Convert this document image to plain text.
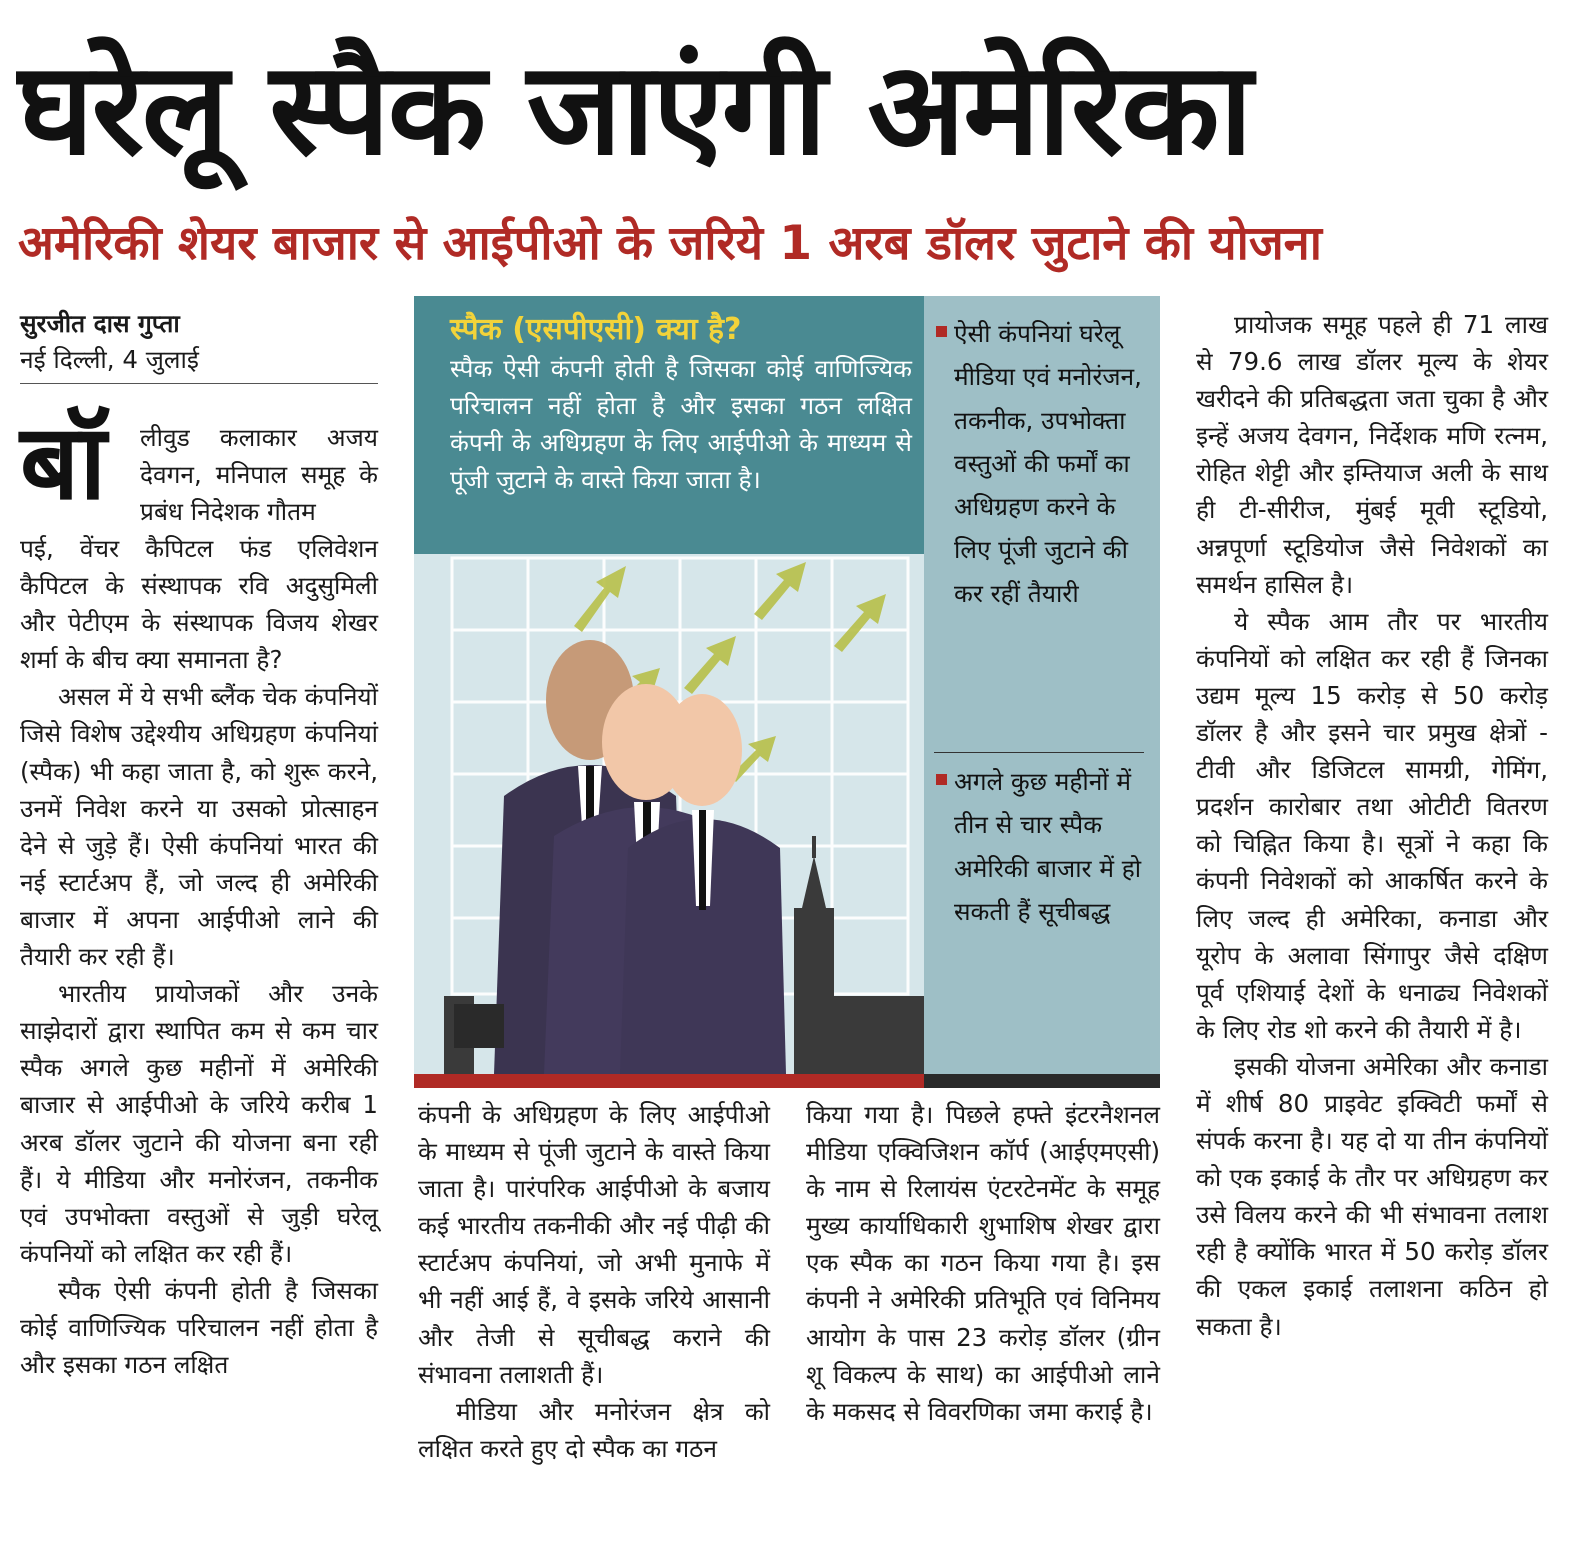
घरेलू स्पैक जाएंगी अमेरिका
अमेरिकी शेयर बाजार से आईपीओ के जरिये 1 अरब डॉलर जुटाने की योजना
सुरजीत दास गुप्ता
नई दिल्ली, 4 जुलाई
बॉ	लीवुड कलाकार अजय देवगन, मनिपाल समूह के प्रबंध निदेशक गौतम

पई, वेंचर कैपिटल फंड एलिवेशन कैपिटल के संस्थापक रवि अदुसुमिली और पेटीएम के संस्थापक विजय शेखर शर्मा के बीच क्या समानता है?

असल में ये सभी ब्लैंक चेक कंपनियों जिसे विशेष उद्देश्यीय अधिग्रहण कंपनियां (स्पैक) भी कहा जाता है, को शुरू करने, उनमें निवेश करने या उसको प्रोत्साहन देने से जुड़े हैं। ऐसी कंपनियां भारत की नई स्टार्टअप हैं, जो जल्द ही अमेरिकी बाजार में अपना आईपीओ लाने की तैयारी कर रही हैं।

भारतीय प्रायोजकों और उनके साझेदारों द्वारा स्थापित कम से कम चार स्पैक अगले कुछ महीनों में अमेरिकी बाजार से आईपीओ के जरिये करीब 1 अरब डॉलर जुटाने की योजना बना रही हैं। ये मीडिया और मनोरंजन, तकनीक एवं उपभोक्ता वस्तुओं से जुड़ी घरेलू कंपनियों को लक्षित कर रही हैं।

स्पैक ऐसी कंपनी होती है जिसका कोई वाणिज्यिक परिचालन नहीं होता है और इसका गठन लक्षित

स्पैक (एसपीएसी) क्या है?
स्पैक ऐसी कंपनी होती है जिसका कोई वाणिज्यिक परिचालन नहीं होता है और इसका गठन लक्षित कंपनी के अधिग्रहण के लिए आईपीओ के माध्यम से पूंजी जुटाने के वास्ते किया जाता है।
ऐसी कंपनियां घरेलू मीडिया एवं मनोरंजन, तकनीक, उपभोक्ता वस्तुओं की फर्मों का अधिग्रहण करने के लिए पूंजी जुटाने की कर रहीं तैयारी
अगले कुछ महीनों में तीन से चार स्पैक अमेरिकी बाजार में हो सकती हैं सूचीबद्ध

कंपनी के अधिग्रहण के लिए आईपीओ के माध्यम से पूंजी जुटाने के वास्ते किया जाता है। पारंपरिक आईपीओ के बजाय कई भारतीय तकनीकी और नई पीढ़ी की स्टार्टअप कंपनियां, जो अभी मुनाफे में भी नहीं आई हैं, वे इसके जरिये आसानी और तेजी से सूचीबद्ध कराने की संभावना तलाशती हैं।

मीडिया और मनोरंजन क्षेत्र को लक्षित करते हुए दो स्पैक का गठन

किया गया है। पिछले हफ्ते इंटरनैशनल मीडिया एक्विजिशन कॉर्प (आईएमएसी) के नाम से रिलायंस एंटरटेनमेंट के समूह मुख्य कार्याधिकारी शुभाशिष शेखर द्वारा एक स्पैक का गठन किया गया है। इस कंपनी ने अमेरिकी प्रतिभूति एवं विनिमय आयोग के पास 23 करोड़ डॉलर (ग्रीन शू विकल्प के साथ) का आईपीओ लाने के मकसद से विवरणिका जमा कराई है।

प्रायोजक समूह पहले ही 71 लाख से 79.6 लाख डॉलर मूल्य के शेयर खरीदने की प्रतिबद्धता जता चुका है और इन्हें अजय देवगन, निर्देशक मणि रत्नम, रोहित शेट्टी और इम्तियाज अली के साथ ही टी-सीरीज, मुंबई मूवी स्टूडियो, अन्नपूर्णा स्टूडियोज जैसे निवेशकों का समर्थन हासिल है।

ये स्पैक आम तौर पर भारतीय कंपनियों को लक्षित कर रही हैं जिनका उद्यम मूल्य 15 करोड़ से 50 करोड़ डॉलर है और इसने चार प्रमुख क्षेत्रों - टीवी और डिजिटल सामग्री, गेमिंग, प्रदर्शन कारोबार तथा ओटीटी वितरण को चिह्नित किया है। सूत्रों ने कहा कि कंपनी निवेशकों को आकर्षित करने के लिए जल्द ही अमेरिका, कनाडा और यूरोप के अलावा सिंगापुर जैसे दक्षिण पूर्व एशियाई देशों के धनाढ्य निवेशकों के लिए रोड शो करने की तैयारी में है।

इसकी योजना अमेरिका और कनाडा में शीर्ष 80 प्राइवेट इक्विटी फर्मों से संपर्क करना है। यह दो या तीन कंपनियों को एक इकाई के तौर पर अधिग्रहण कर उसे विलय करने की भी संभावना तलाश रही है क्योंकि भारत में 50 करोड़ डॉलर की एकल इकाई तलाशना कठिन हो सकता है।
